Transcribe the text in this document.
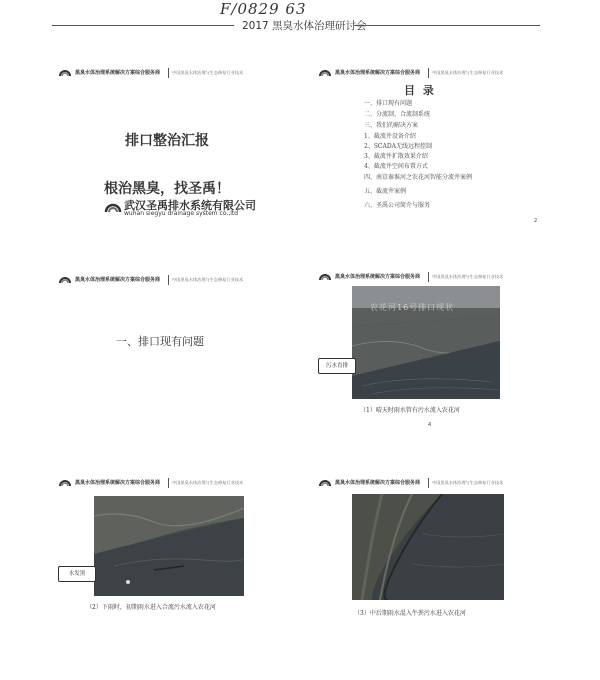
F/0829 63
2017 黑臭水体治理研讨会
黑臭水体治理系统解决方案综合服务商	中国黑臭水体治理与生态修复行业技术
排口整治汇报
根治黑臭，找圣禹！
武汉圣禹排水系统有限公司
wuhan siegyu drainage system co.,ltd
黑臭水体治理系统解决方案综合服务商	中国黑臭水体治理与生态修复行业技术
目 录
一、排口现有问题
二、分流制、合流制系统
三、我们的解决方案
1、截流井设备介绍
2、SCADA无线远程控制
3、截流井扩散效果介绍
4、截流井空间布置方式
四、南京秦淮河之农花河智能分流井案例
五、截流井案例
六、圣禹公司简介与服务
2
黑臭水体治理系统解决方案综合服务商	中国黑臭水体治理与生态修复行业技术
一、排口现有问题
黑臭水体治理系统解决方案综合服务商	中国黑臭水体治理与生态修复行业技术
农花河16号排口现状
污水直排
（1）晴天时雨水管有污水流入农花河
4
黑臭水体治理系统解决方案综合服务商	中国黑臭水体治理与生态修复行业技术
水发黑
（2）下雨时，初期雨水进入合流污水流入农花河
黑臭水体治理系统解决方案综合服务商	中国黑臭水体治理与生态修复行业技术
（3）中后期雨水混入牛粪污水进入农花河
